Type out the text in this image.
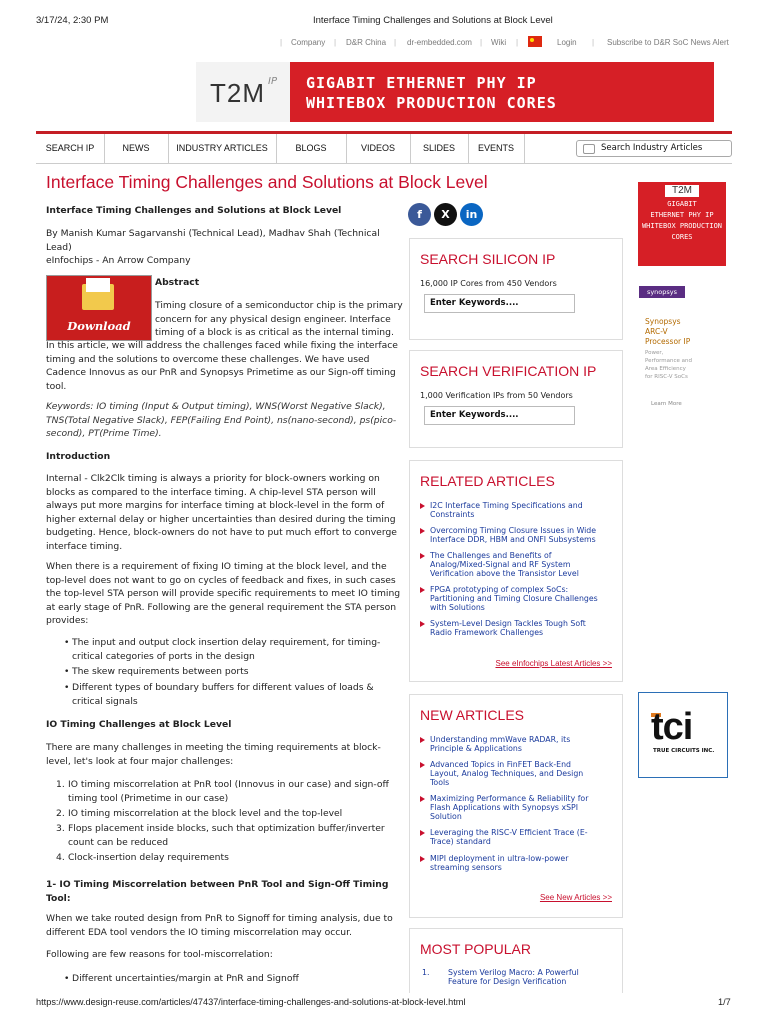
3/17/24, 2:30 PM	Interface Timing Challenges and Solutions at Block Level
Company	D&R China	dr-embedded.com Wiki	Login	Subscribe to D&R SoC News Alert
|	|	|	|	|	|
T2M IP GIGABIT ETHERNET PHY IP
WHITEBOX PRODUCTION CORES
SEARCH IP	NEWS	INDUSTRY ARTICLES	BLOGS	VIDEOS	SLIDES	EVENTS	Search Industry Articles
Interface Timing Challenges and Solutions at Block Level
f	X	in
Interface Timing Challenges and Solutions at Block Level
By Manish Kumar Sagarvanshi (Technical Lead), Madhav Shah (Technical
Lead)
eInfochips - An Arrow Company
Download
Abstract
Timing closure of a semiconductor chip is the primary
concern for any physical design engineer. Interface
timing of a block is as critical as the internal timing.
In this article, we will address the challenges faced while fixing the interface
timing and the solutions to overcome these challenges. We have used
Cadence Innovus as our PnR and Synopsys Primetime as our Sign-off timing
tool.
Keywords: IO timing (Input & Output timing), WNS(Worst Negative Slack),
TNS(Total Negative Slack), FEP(Failing End Point), ns(nano-second), ps(pico-
second), PT(Prime Time).
Introduction
Internal - Clk2Clk timing is always a priority for block-owners working on
blocks as compared to the interface timing. A chip-level STA person will
always put more margins for interface timing at block-level in the form of
higher external delay or higher uncertainties than desired during the timing
budgeting. Hence, block-owners do not have to put much effort to converge
interface timing.
When there is a requirement of fixing IO timing at the block level, and the
top-level does not want to go on cycles of feedback and fixes, in such cases
the top-level STA person will provide specific requirements to meet IO timing
at early stage of PnR. Following are the general requirement the STA person
provides:
• The input and output clock insertion delay requirement, for timing-
critical categories of ports in the design
• The skew requirements between ports
• Different types of boundary buffers for different values of loads &
critical signals
IO Timing Challenges at Block Level
There are many challenges in meeting the timing requirements at block-
level, let's look at four major challenges:
1. IO timing miscorrelation at PnR tool (Innovus in our case) and sign-off
timing tool (Primetime in our case)
2. IO timing miscorrelation at the block level and the top-level
3. Flops placement inside blocks, such that optimization buffer/inverter
count can be reduced
4. Clock-insertion delay requirements
1- IO Timing Miscorrelation between PnR Tool and Sign-Off Timing
Tool:
When we take routed design from PnR to Signoff for timing analysis, due to
different EDA tool vendors the IO timing miscorrelation may occur.
Following are few reasons for tool-miscorrelation:
• Different uncertainties/margin at PnR and Signoff
SEARCH SILICON IP
16,000 IP Cores from 450 Vendors
Enter Keywords....
SEARCH VERIFICATION IP
1,000 Verification IPs from 50 Vendors
Enter Keywords....
RELATED ARTICLES
I2C Interface Timing Specifications and
Constraints
Overcoming Timing Closure Issues in Wide
Interface DDR, HBM and ONFI Subsystems
The Challenges and Benefits of
Analog/Mixed-Signal and RF System
Verification above the Transistor Level
FPGA prototyping of complex SoCs:
Partitioning and Timing Closure Challenges
with Solutions
System-Level Design Tackles Tough Soft
Radio Framework Challenges
See eInfochips Latest Articles >>
NEW ARTICLES
Understanding mmWave RADAR, its
Principle & Applications
Advanced Topics in FinFET Back-End
Layout, Analog Techniques, and Design
Tools
Maximizing Performance & Reliability for
Flash Applications with Synopsys xSPI
Solution
Leveraging the RISC-V Efficient Trace (E-
Trace) standard
MIPI deployment in ultra-low-power
streaming sensors
See New Articles >>
MOST POPULAR
1. System Verilog Macro: A Powerful
Feature for Design Verification
T2M
GIGABIT
ETHERNET PHY IP
WHITEBOX PRODUCTION
CORES
synopsys
Synopsys
ARC-V
Processor IP
Power,
Performance and
Area Efficiency
for RISC-V SoCs
Learn More
tci
TRUE CIRCUITS INC.
https://www.design-reuse.com/articles/47437/interface-timing-challenges-and-solutions-at-block-level.html	1/7
